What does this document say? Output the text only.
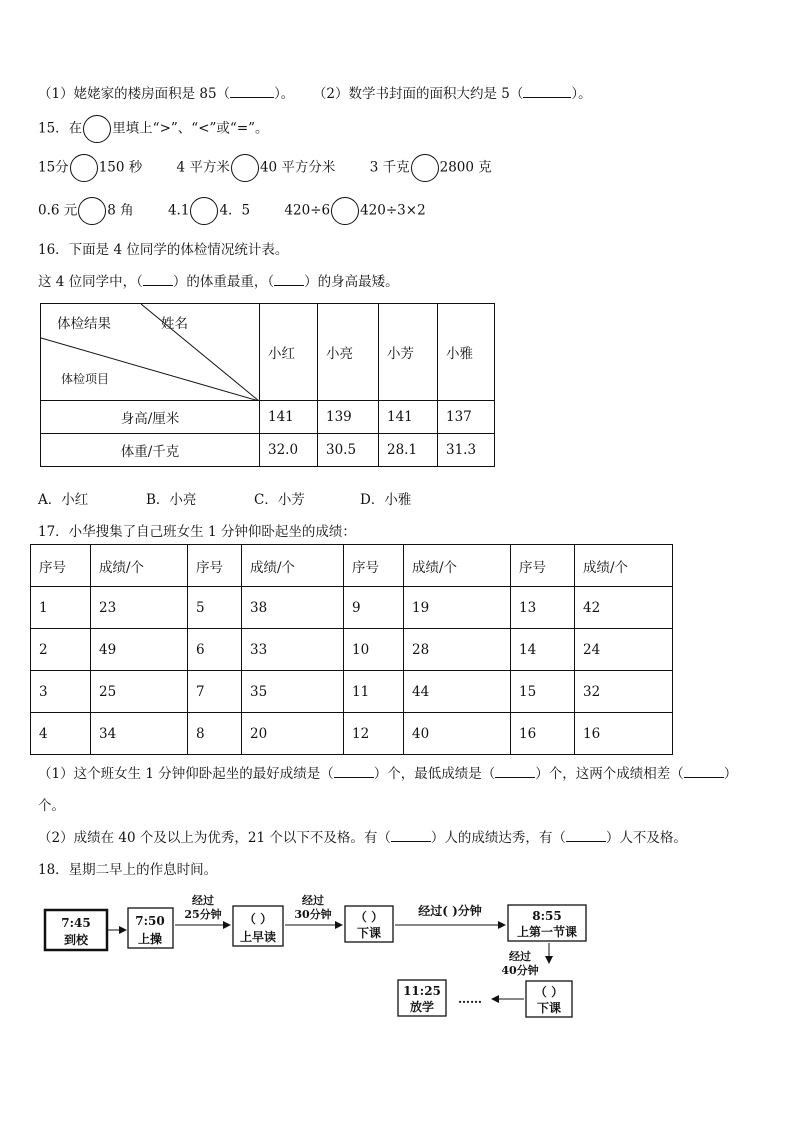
（1）姥姥家的楼房面积是 85（	）。 （2）数学书封面的面积大约是 5（	）。
15．在 里填上“>”、“<”或“=”。
15分 150 秒	4 平方米 40 平方分米	3 千克 2800 克
0.6 元 8 角	4.1 4．5	420÷6 420÷3×2
16．下面是 4 位同学的体检情况统计表。
这 4 位同学中，（ ）的体重最重，（ ）的身高最矮。
体检结果 姓名
体检项目	小红	小亮	小芳	小雅
身高/厘米	141	139	141	137
体重/千克	32.0	30.5	28.1	31.3
A．小红	B．小亮	C．小芳	D．小雅
17．小华搜集了自己班女生 1 分钟仰卧起坐的成绩：
序号	成绩/个	序号	成绩/个	序号	成绩/个	序号	成绩/个
1	23	5	38	9	19	13	42
2	49	6	33	10	28	14	24
3	25	7	35	11	44	15	32
4	34	8	20	12	40	16	16
（1）这个班女生 1 分钟仰卧起坐的最好成绩是（	）个，最低成绩是（	）个，这两个成绩相差（	）
个。
（2）成绩在 40 个及以上为优秀，21 个以下不及格。有（	）人的成绩达秀，有（	）人不及格。
18．星期二早上的作息时间。
7:45
到校
7:50
上操
经过
25分钟 （ ）
上早读
经过
30分钟 （ ）
下课
经过( )分钟	8:55
上第一节课
经过
40分钟
（ ）
下课
……
11:25
放学
